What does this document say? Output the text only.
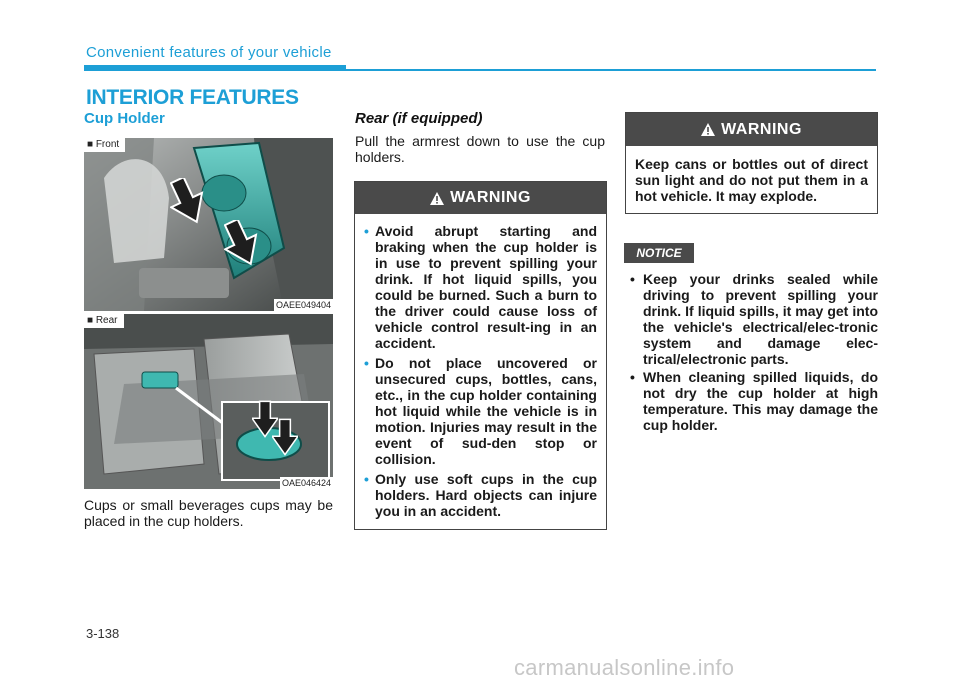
Convenient features of your vehicle
INTERIOR FEATURES
Cup Holder
■ Front
OAEE049404
■ Rear
OAE046424
Cups or small beverages cups may be placed in the cup holders.
Rear (if equipped)
Pull the armrest down to use the cup holders.
WARNING
• Avoid abrupt starting and braking when the cup holder is in use to prevent spilling your drink. If hot liquid spills, you could be burned. Such a burn to the driver could cause loss of vehicle control result-ing in an accident.
• Do not place uncovered or unsecured cups, bottles, cans, etc., in the cup holder containing hot liquid while the vehicle is in motion. Injuries may result in the event of sud-den stop or collision.
• Only use soft cups in the cup holders. Hard objects can injure you in an accident.
WARNING
Keep cans or bottles out of direct sun light and do not put them in a hot vehicle. It may explode.
NOTICE
• Keep your drinks sealed while driving to prevent spilling your drink. If liquid spills, it may get into the vehicle's electrical/elec-tronic system and damage elec-trical/electronic parts.
• When cleaning spilled liquids, do not dry the cup holder at high temperature. This may damage the cup holder.
3-138
carmanualsonline.info
